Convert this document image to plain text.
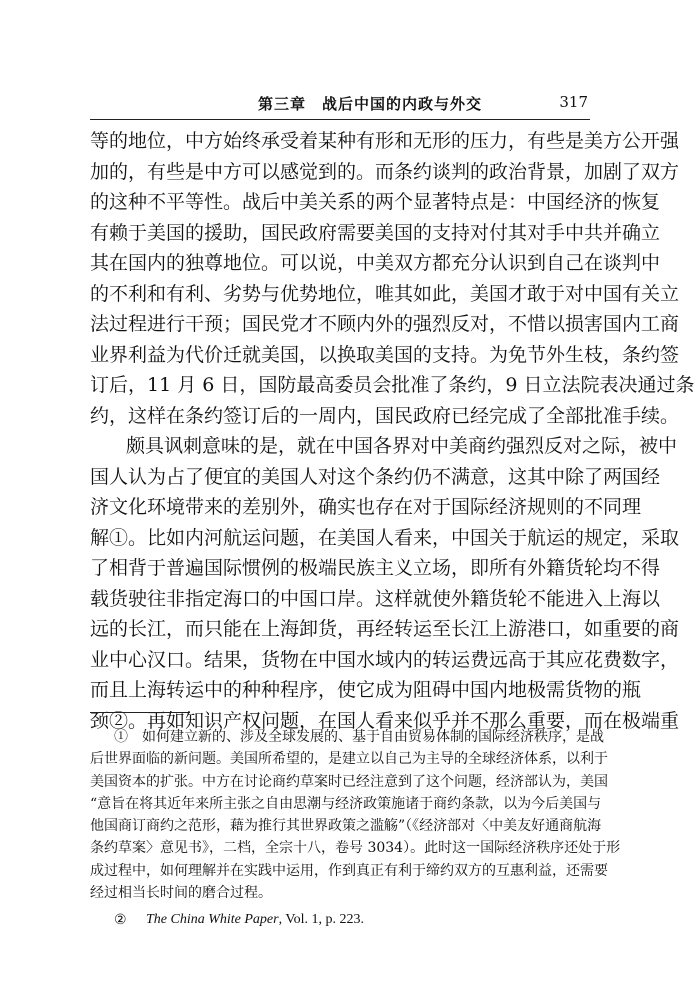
第三章　战后中国的内政与外交	317
等的地位，中方始终承受着某种有形和无形的压力，有些是美方公开强
加的，有些是中方可以感觉到的。而条约谈判的政治背景，加剧了双方
的这种不平等性。战后中美关系的两个显著特点是：中国经济的恢复
有赖于美国的援助，国民政府需要美国的支持对付其对手中共并确立
其在国内的独尊地位。可以说，中美双方都充分认识到自己在谈判中
的不利和有利、劣势与优势地位，唯其如此，美国才敢于对中国有关立
法过程进行干预；国民党才不顾内外的强烈反对，不惜以损害国内工商
业界利益为代价迁就美国，以换取美国的支持。为免节外生枝，条约签
订后，11 月 6 日，国防最高委员会批准了条约，9 日立法院表决通过条
约，这样在条约签订后的一周内，国民政府已经完成了全部批准手续。
颇具讽刺意味的是，就在中国各界对中美商约强烈反对之际，被中
国人认为占了便宜的美国人对这个条约仍不满意，这其中除了两国经
济文化环境带来的差别外，确实也存在对于国际经济规则的不同理
解①。比如内河航运问题，在美国人看来，中国关于航运的规定，采取
了相背于普遍国际惯例的极端民族主义立场，即所有外籍货轮均不得
载货驶往非指定海口的中国口岸。这样就使外籍货轮不能进入上海以
远的长江，而只能在上海卸货，再经转运至长江上游港口，如重要的商
业中心汉口。结果，货物在中国水域内的转运费远高于其应花费数字，
而且上海转运中的种种程序，使它成为阻碍中国内地极需货物的瓶
颈②。再如知识产权问题，在国人看来似乎并不那么重要，而在极端重
①　如何建立新的、涉及全球发展的、基于自由贸易体制的国际经济秩序，是战
后世界面临的新问题。美国所希望的，是建立以自己为主导的全球经济体系，以利于
美国资本的扩张。中方在讨论商约草案时已经注意到了这个问题，经济部认为，美国
“意旨在将其近年来所主张之自由思潮与经济政策施诸于商约条款，以为今后美国与
他国商订商约之范形，藉为推行其世界政策之滥觞”（《经济部对〈中美友好通商航海
条约草案〉意见书》，二档，全宗十八，卷号 3034）。此时这一国际经济秩序还处于形
成过程中，如何理解并在实践中运用，作到真正有利于缔约双方的互惠利益，还需要
经过相当长时间的磨合过程。
② The China White Paper, Vol. 1, p. 223.
